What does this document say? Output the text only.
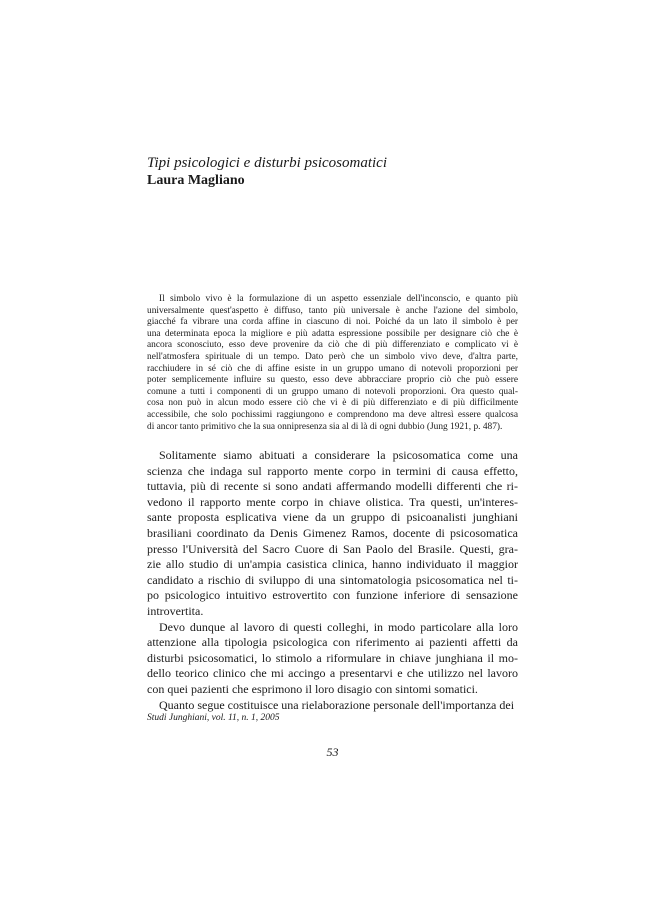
Tipi psicologici e disturbi psicosomatici
Laura Magliano
Il simbolo vivo è la formulazione di un aspetto essenziale dell'inconscio, e quanto più
universalmente quest'aspetto è diffuso, tanto più universale è anche l'azione del simbolo,
giacché fa vibrare una corda affine in ciascuno di noi. Poiché da un lato il simbolo è per
una determinata epoca la migliore e più adatta espressione possibile per designare ciò che è
ancora sconosciuto, esso deve provenire da ciò che di più differenziato e complicato vi è
nell'atmosfera spirituale di un tempo. Dato però che un simbolo vivo deve, d'altra parte,
racchiudere in sé ciò che di affine esiste in un gruppo umano di notevoli proporzioni per
poter semplicemente influire su questo, esso deve abbracciare proprio ciò che può essere
comune a tutti i componenti di un gruppo umano di notevoli proporzioni. Ora questo qual-
cosa non può in alcun modo essere ciò che vi è di più differenziato e di più difficilmente
accessibile, che solo pochissimi raggiungono e comprendono ma deve altresì essere qualcosa
di ancor tanto primitivo che la sua onnipresenza sia al di là di ogni dubbio (Jung 1921, p. 487).
Solitamente siamo abituati a considerare la psicosomatica come una
scienza che indaga sul rapporto mente corpo in termini di causa effetto,
tuttavia, più di recente si sono andati affermando modelli differenti che ri-
vedono il rapporto mente corpo in chiave olistica. Tra questi, un'interes-
sante proposta esplicativa viene da un gruppo di psicoanalisti junghiani
brasiliani coordinato da Denis Gimenez Ramos, docente di psicosomatica
presso l'Università del Sacro Cuore di San Paolo del Brasile. Questi, gra-
zie allo studio di un'ampia casistica clinica, hanno individuato il maggior
candidato a rischio di sviluppo di una sintomatologia psicosomatica nel ti-
po psicologico intuitivo estrovertito con funzione inferiore di sensazione
introvertita.
Devo dunque al lavoro di questi colleghi, in modo particolare alla loro
attenzione alla tipologia psicologica con riferimento ai pazienti affetti da
disturbi psicosomatici, lo stimolo a riformulare in chiave junghiana il mo-
dello teorico clinico che mi accingo a presentarvi e che utilizzo nel lavoro
con quei pazienti che esprimono il loro disagio con sintomi somatici.
Quanto segue costituisce una rielaborazione personale dell'importanza dei
Studi Junghiani, vol. 11, n. 1, 2005
53
